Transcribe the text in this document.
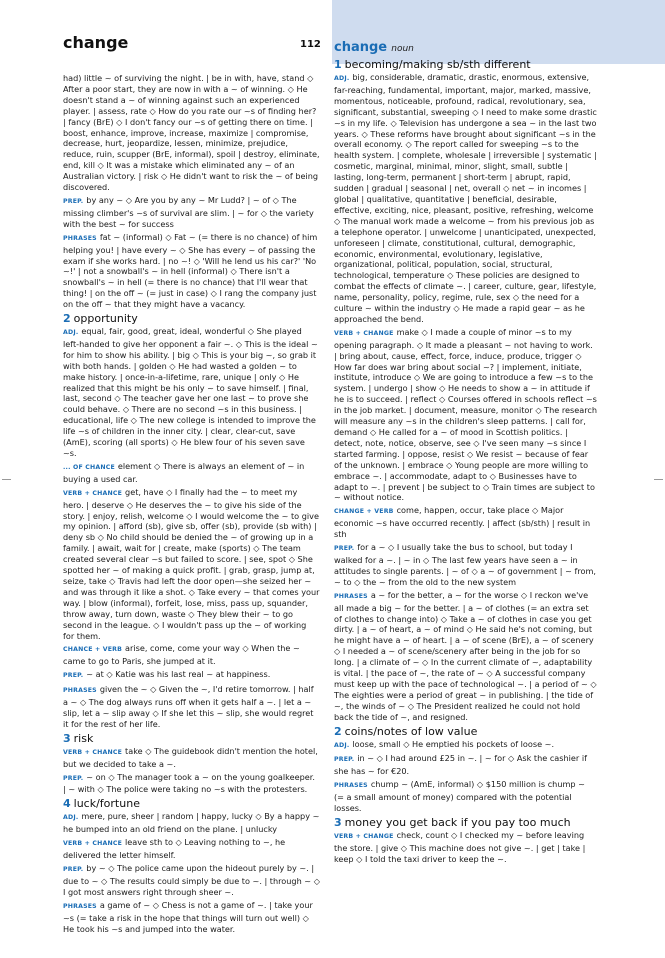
change	112
had) little ~ of surviving the night. | be in with, have, stand ◇ After a poor start, they are now in with a ~ of winning. ◇ He doesn't stand a ~ of winning against such an experienced player. | assess, rate ◇ How do you rate our ~s of finding her? | fancy (BrE) ◇ I don't fancy our ~s of getting there on time. | boost, enhance, improve, increase, maximize | compromise, decrease, hurt, jeopardize, lessen, minimize, prejudice, reduce, ruin, scupper (BrE, informal), spoil | destroy, eliminate, end, kill ◇ It was a mistake which eliminated any ~ of an Australian victory. | risk ◇ He didn't want to risk the ~ of being discovered.
PREP. by any ~ ◇ Are you by any ~ Mr Ludd? | ~ of ◇ The missing climber's ~s of survival are slim. | ~ for ◇ the variety with the best ~ for success
PHRASES fat ~ (informal) ◇ Fat ~ (= there is no chance) of him helping you! | have every ~ ◇ She has every ~ of passing the exam if she works hard. | no ~! ◇ 'Will he lend us his car?' 'No ~!' | not a snowball's ~ in hell (informal) ◇ There isn't a snowball's ~ in hell (= there is no chance) that I'll wear that thing! | on the off ~ (= just in case) ◇ I rang the company just on the off ~ that they might have a vacancy.
2 opportunity
ADJ. equal, fair, good, great, ideal, wonderful ◇ She played left-handed to give her opponent a fair ~. ◇ This is the ideal ~ for him to show his ability. | big ◇ This is your big ~, so grab it with both hands. | golden ◇ He had wasted a golden ~ to make history. | once-in-a-lifetime, rare, unique | only ◇ He realized that this might be his only ~ to save himself. | final, last, second ◇ The teacher gave her one last ~ to prove she could behave. ◇ There are no second ~s in this business. | educational, life ◇ The new college is intended to improve the life ~s of children in the inner city. | clear, clear-cut, save (AmE), scoring (all sports) ◇ He blew four of his seven save ~s.
... OF CHANCE element ◇ There is always an element of ~ in buying a used car.
VERB + CHANCE get, have ◇ I finally had the ~ to meet my hero. | deserve ◇ He deserves the ~ to give his side of the story. | enjoy, relish, welcome ◇ I would welcome the ~ to give my opinion. | afford (sb), give sb, offer (sb), provide (sb with) | deny sb ◇ No child should be denied the ~ of growing up in a family. | await, wait for | create, make (sports) ◇ The team created several clear ~s but failed to score. | see, spot ◇ She spotted her ~ of making a quick profit. | grab, grasp, jump at, seize, take ◇ Travis had left the door open—she seized her ~ and was through it like a shot. ◇ Take every ~ that comes your way. | blow (informal), forfeit, lose, miss, pass up, squander, throw away, turn down, waste ◇ They blew their ~ to go second in the league. ◇ I wouldn't pass up the ~ of working for them.
CHANCE + VERB arise, come, come your way ◇ When the ~ came to go to Paris, she jumped at it.
PREP. ~ at ◇ Katie was his last real ~ at happiness.
PHRASES given the ~ ◇ Given the ~, I'd retire tomorrow. | half a ~ ◇ The dog always runs off when it gets half a ~. | let a ~ slip, let a ~ slip away ◇ If she let this ~ slip, she would regret it for the rest of her life.
3 risk
VERB + CHANCE take ◇ The guidebook didn't mention the hotel, but we decided to take a ~.
PREP. ~ on ◇ The manager took a ~ on the young goalkeeper. | ~ with ◇ The police were taking no ~s with the protesters.
4 luck/fortune
ADJ. mere, pure, sheer | random | happy, lucky ◇ By a happy ~ he bumped into an old friend on the plane. | unlucky
VERB + CHANCE leave sth to ◇ Leaving nothing to ~, he delivered the letter himself.
PREP. by ~ ◇ The police came upon the hideout purely by ~. | due to ~ ◇ The results could simply be due to ~. | through ~ ◇ I got most answers right through sheer ~.
PHRASES a game of ~ ◇ Chess is not a game of ~. | take your ~s (= take a risk in the hope that things will turn out well) ◇ He took his ~s and jumped into the water.
change noun
1 becoming/making sb/sth different
ADJ. big, considerable, dramatic, drastic, enormous, extensive, far-reaching, fundamental, important, major, marked, massive, momentous, noticeable, profound, radical, revolutionary, sea, significant, substantial, sweeping ◇ I need to make some drastic ~s in my life. ◇ Television has undergone a sea ~ in the last two years. ◇ These reforms have brought about significant ~s in the overall economy. ◇ The report called for sweeping ~s to the health system. | complete, wholesale | irreversible | systematic | cosmetic, marginal, minimal, minor, slight, small, subtle | lasting, long-term, permanent | short-term | abrupt, rapid, sudden | gradual | seasonal | net, overall ◇ net ~ in incomes | global | qualitative, quantitative | beneficial, desirable, effective, exciting, nice, pleasant, positive, refreshing, welcome ◇ The manual work made a welcome ~ from his previous job as a telephone operator. | unwelcome | unanticipated, unexpected, unforeseen | climate, constitutional, cultural, demographic, economic, environmental, evolutionary, legislative, organizational, political, population, social, structural, technological, temperature ◇ These policies are designed to combat the effects of climate ~. | career, culture, gear, lifestyle, name, personality, policy, regime, rule, sex ◇ the need for a culture ~ within the industry ◇ He made a rapid gear ~ as he approached the bend.
VERB + CHANGE make ◇ I made a couple of minor ~s to my opening paragraph. ◇ It made a pleasant ~ not having to work. | bring about, cause, effect, force, induce, produce, trigger ◇ How far does war bring about social ~? | implement, initiate, institute, introduce ◇ We are going to introduce a few ~s to the system. | undergo | show ◇ He needs to show a ~ in attitude if he is to succeed. | reflect ◇ Courses offered in schools reflect ~s in the job market. | document, measure, monitor ◇ The research will measure any ~s in the children's sleep patterns. | call for, demand ◇ He called for a ~ of mood in Scottish politics. | detect, note, notice, observe, see ◇ I've seen many ~s since I started farming. | oppose, resist ◇ We resist ~ because of fear of the unknown. | embrace ◇ Young people are more willing to embrace ~. | accommodate, adapt to ◇ Businesses have to adapt to ~. | prevent | be subject to ◇ Train times are subject to ~ without notice.
CHANGE + VERB come, happen, occur, take place ◇ Major economic ~s have occurred recently. | affect (sb/sth) | result in sth
PREP. for a ~ ◇ I usually take the bus to school, but today I walked for a ~. | ~ in ◇ The last few years have seen a ~ in attitudes to single parents. | ~ of ◇ a ~ of government | ~ from, ~ to ◇ the ~ from the old to the new system
PHRASES a ~ for the better, a ~ for the worse ◇ I reckon we've all made a big ~ for the better. | a ~ of clothes (= an extra set of clothes to change into) ◇ Take a ~ of clothes in case you get dirty. | a ~ of heart, a ~ of mind ◇ He said he's not coming, but he might have a ~ of heart. | a ~ of scene (BrE), a ~ of scenery ◇ I needed a ~ of scene/scenery after being in the job for so long. | a climate of ~ ◇ In the current climate of ~, adaptability is vital. | the pace of ~, the rate of ~ ◇ A successful company must keep up with the pace of technological ~. | a period of ~ ◇ The eighties were a period of great ~ in publishing. | the tide of ~, the winds of ~ ◇ The President realized he could not hold back the tide of ~, and resigned.
2 coins/notes of low value
ADJ. loose, small ◇ He emptied his pockets of loose ~.
PREP. in ~ ◇ I had around £25 in ~. | ~ for ◇ Ask the cashier if she has ~ for €20.
PHRASES chump ~ (AmE, informal) ◇ $150 million is chump ~ (= a small amount of money) compared with the potential losses.
3 money you get back if you pay too much
VERB + CHANGE check, count ◇ I checked my ~ before leaving the store. | give ◇ This machine does not give ~. | get | take | keep ◇ I told the taxi driver to keep the ~.
